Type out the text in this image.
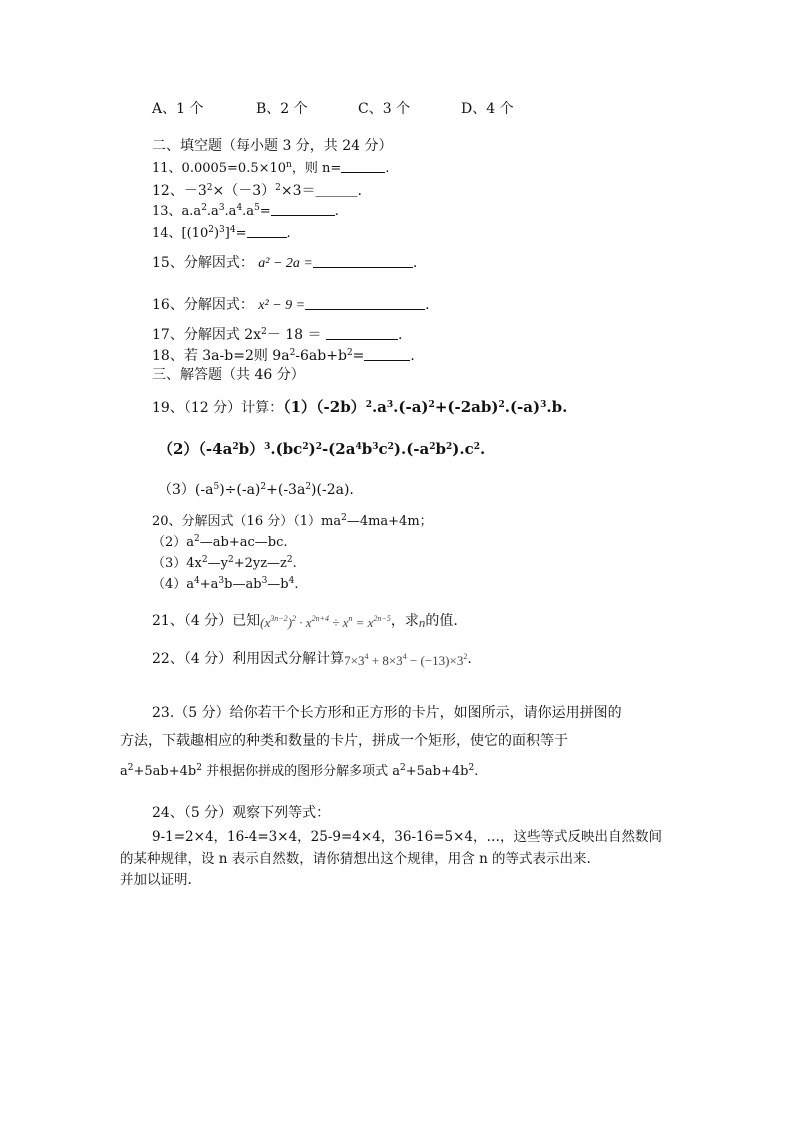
A、1 个	B、2 个	C、3 个	D、4 个
二、填空题（每小题 3 分，共 24 分）
11、$0.0005=0.5\times 10^n$，则 n=	.
12、$-3^2\times(-3)^2\times 3=\_\_\_$.
13、$a.a^2.a^3.a^4.a^5=$	.
14、$[(10^2)^3]^4=$	.
15、分解因式： a² − 2a =	.
16、分解因式： x² − 9 =	.
17、分解因式 $2x^2- 18$ ＝	.
18、若 3a-b=2则 $9a^2-6ab+b^2=$	.
三、解答题（共 46 分）
19、（12 分）计算：$(1)(-2b)^2.a^3.(-a)^2+(-2ab)^2.(-a)^3.b$.
$(2)(-4a^2b)^3.(bc^2)^2-(2a^4b^3c^2).(-a^2b^2).c^2$.
$(3)(-a^5)\div(-a)^2+(-3a^2)(-2a)$.
20、分解因式（16 分）$(1)ma^2—4ma+4m$；
$(2)a^2—ab+ac—bc$.
$(3)4x^2—y^2+2yz—z^2$.
$(4)a^4+a^3b—ab^3—b^4$.
21、（4 分）已知$(x^{3n-2})^2 \cdot x^{2n+4} \div x^n = x^{2n-5}$，求n的值.
22、（4 分）利用因式分解计算$7\times 3^4 + 8\times 3^4 - (-13)\times 3^2$.
23.（5 分）给你若干个长方形和正方形的卡片，如图所示，请你运用拼图的
方法，下载趣相应的种类和数量的卡片，拼成一个矩形，使它的面积等于
$a^2+5ab+4b^2$ 并根据你拼成的图形分解多项式 $a^2+5ab+4b^2$.
24、（5 分）观察下列等式：
9-1=2×4，16-4=3×4，25-9=4×4，36-16=5×4，…，这些等式反映出自然数间
的某种规律，设 n 表示自然数，请你猜想出这个规律，用含 n 的等式表示出来.
并加以证明.
